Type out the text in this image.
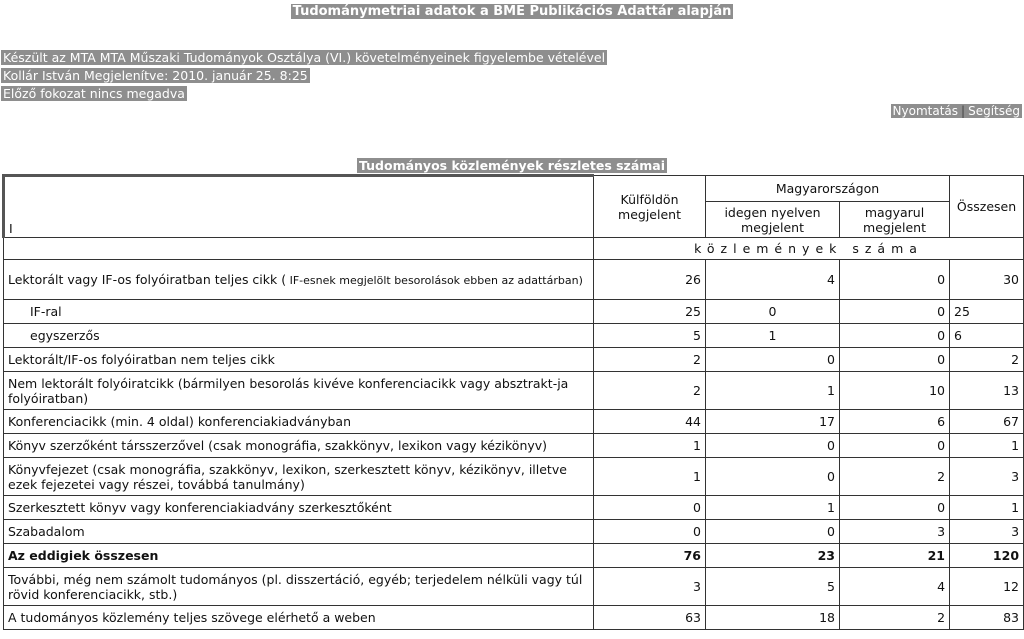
Tudománymetriai adatok a BME Publikációs Adattár alapján
Készült az MTA MTA Műszaki Tudományok Osztálya (VI.) követelményeinek figyelembe vételével
Kollár István Megjelenítve: 2010. január 25. 8:25
Előző fokozat nincs megadva
Nyomtatás | Segítség
Tudományos közlemények részletes számai
I	Külföldön megjelent	Magyarországon		Összesen
		idegen nyelven megjelent	magyarul megjelent	
	közlemények száma			
Lektorált vagy IF-os folyóiratban teljes cikk ( IF-esnek megjelölt besorolások ebben az adattárban)	26	4	0	30
IF-ral	25	0	0	25
egyszerzős	5	1	0	6
Lektorált/IF-os folyóiratban nem teljes cikk	2	0	0	2
Nem lektorált folyóiratcikk (bármilyen besorolás kivéve konferenciacikk vagy absztrakt-ja folyóiratban)	2	1	10	13
Konferenciacikk (min. 4 oldal) konferenciakiadványban	44	17	6	67
Könyv szerzőként társszerzővel (csak monográfia, szakkönyv, lexikon vagy kézikönyv)	1	0	0	1
Könyvfejezet (csak monográfia, szakkönyv, lexikon, szerkesztett könyv, kézikönyv, illetve ezek fejezetei vagy részei, továbbá tanulmány)	1	0	2	3
Szerkesztett könyv vagy konferenciakiadvány szerkesztőként	0	1	0	1
Szabadalom	0	0	3	3
Az eddigiek összesen	76	23	21	120
További, még nem számolt tudományos (pl. disszertáció, egyéb; terjedelem nélküli vagy túl rövid konferenciacikk, stb.)	3	5	4	12
A tudományos közlemény teljes szövege elérhető a weben	63	18	2	83
